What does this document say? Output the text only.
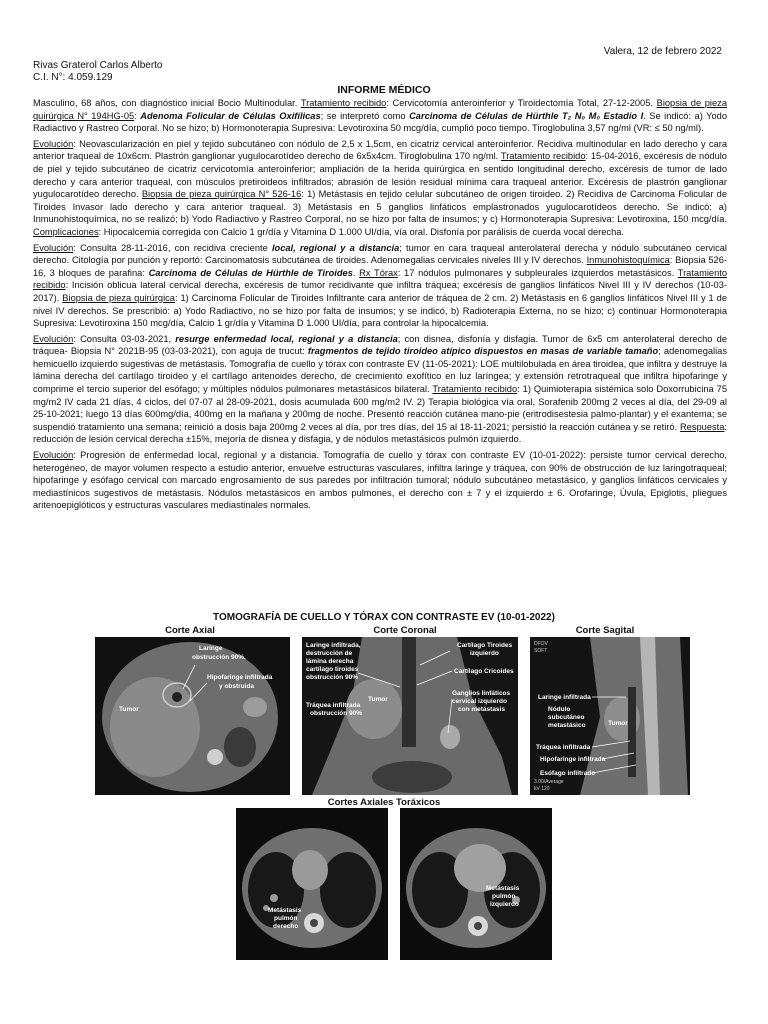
Valera, 12 de febrero 2022
Rivas Graterol Carlos Alberto
C.I. N°: 4.059.129
INFORME MÉDICO

Masculino, 68 años, con diagnóstico inicial Bocio Multinodular. Tratamiento recibido: Cervicotomía anteroinferior y Tiroidectomía Total, 27-12-2005. Biopsia de pieza quirúrgica N° 194HG-05: Adenoma Folicular de Células Oxifílicas; se interpretó como Carcinoma de Células de Hürthle T₂ N₀ M₀ Estadio I. Se indicó: a) Yodo Radiactivo y Rastreo Corporal. No se hizo; b) Hormonoterapia Supresiva: Levotiroxina 50 mcg/día, cumplió poco tiempo. Tiroglobulina 3,57 ng/ml (VR: ≤ 50 ng/ml).

Evolución: Neovascularización en piel y tejido subcutáneo con nódulo de 2,5 x 1,5cm, en cicatriz cervical anteroinferior. Recidiva multinodular en lado derecho y cara anterior traqueal de 10x6cm. Plastrón ganglionar yugulocarotídeo derecho de 6x5x4cm. Tiroglobulina 170 ng/ml. Tratamiento recibido: 15-04-2016, excéresis de nódulo de piel y tejido subcutáneo de cicatriz cervicotomía anteroinferior; ampliación de la herida quirúrgica en sentido longitudinal derecho, excéresis de tumor de lado derecho y cara anterior traqueal, con músculos pretiroideos infiltrados; abrasión de lesión residual mínima cara traqueal anterior. Excéresis de plastrón ganglionar yugulocarotídeo derecho. Biopsia de pieza quirúrgica N° 526-16: 1) Metástasis en tejido celular subcutáneo de origen tiroideo. 2) Recidiva de Carcinoma Folicular de Tiroides Invasor lado derecho y cara anterior traqueal. 3) Metástasis en 5 ganglios linfáticos emplastronados yugulocarotídeos derecho. Se indicó: a) Inmunohistoquímica, no se realizó; b) Yodo Radiactivo y Rastreo Corporal, no se hizo por falta de insumos; y c) Hormonoterapia Supresiva: Levotiroxina, 150 mcg/día. Complicaciones: Hipocalcemia corregida con Calcio 1 gr/día y Vitamina D 1.000 UI/día, vía oral. Disfonía por parálisis de cuerda vocal derecha.

Evolución: Consulta 28-11-2016, con recidiva creciente local, regional y a distancia; tumor en cara traqueal anterolateral derecha y nódulo subcutáneo cervical derecho. Citología por punción y reportó: Carcinomatosis subcutánea de tiroides. Adenomegalias cervicales niveles III y IV derechos. Inmunohistoquímica: Biopsia 526-16, 3 bloques de parafina: Carcinoma de Células de Hürthle de Tiroides. Rx Tórax: 17 nódulos pulmonares y subpleurales izquierdos metastásicos. Tratamiento recibido: Incisión oblicua lateral cervical derecha, excéresis de tumor recidivante que infiltra tráquea; excéresis de ganglios linfáticos Nivel III y IV derechos (10-03-2017). Biopsia de pieza quirúrgica: 1) Carcinoma Folicular de Tiroides Infiltrante cara anterior de tráquea de 2 cm. 2) Metástasis en 6 ganglios linfáticos Nivel III y 1 de nivel IV derechos. Se prescribió: a) Yodo Radiactivo, no se hizo por falta de insumos; y se indicó, b) Radioterapia Externa, no se hizo; c) continuar Hormonoterapia Supresiva: Levotiroxina 150 mcg/día, Calcio 1 gr/día y Vitamina D 1.000 UI/día, para controlar la hipocalcemia.

Evolución: Consulta 03-03-2021, resurge enfermedad local, regional y a distancia; con disnea, disfonía y disfagia. Tumor de 6x5 cm anterolateral derecho de tráquea- Biopsia N° 2021B-95 (03-03-2021), con aguja de trucut: fragmentos de tejido tiroideo atípico dispuestos en masas de variable tamaño; adenomegalias hemicuello izquierdo sugestivas de metástasis. Tomografía de cuello y tórax con contraste EV (11-05-2021): LOE multilobulada en área tiroidea, que infiltra y destruye la lámina derecha del cartílago tiroideo y el cartílago aritenoides derecho, de crecimiento exofítico en luz laríngea; y extensión retrotraqueal que infiltra hipofaringe y comprime el tercio superior del esófago; y múltiples nódulos pulmonares metastásicos bilateral. Tratamiento recibido: 1) Quimioterapia sistémica solo Doxorrubicina 75 mg/m2 IV cada 21 días, 4 ciclos, del 07-07 al 28-09-2021, dosis acumulada 600 mg/m2 IV. 2) Terapia biológica vía oral, Sorafenib 200mg 2 veces al día, del 29-09 al 25-10-2021; luego 13 días 600mg/día, 400mg en la mañana y 200mg de noche. Presentó reacción cutánea mano-pie (eritrodisestesia palmo-plantar) y el exantema; se suspendió tratamiento una semana; reinició a dosis baja 200mg 2 veces al día, por tres días, del 15 al 18-11-2021; persistió la reacción cutánea y se retiró. Respuesta: reducción de lesión cervical derecha ±15%, mejoría de disnea y disfagia, y de nódulos metastásicos pulmón izquierdo.

Evolución: Progresión de enfermedad local, regional y a distancia. Tomografía de cuello y tórax con contraste EV (10-01-2022): persiste tumor cervical derecho, heterogéneo, de mayor volumen respecto a estudio anterior, envuelve estructuras vasculares, infiltra laringe y tráquea, con 90% de obstrucción de luz laringotraqueal; hipofaringe y esófago cervical con marcado engrosamiento de sus paredes por infiltración tumoral; nódulo subcutáneo metastásico, y ganglios linfáticos cervicales y mediastínicos sugestivos de metástasis. Nódulos metastásicos en ambos pulmones, el derecho con ± 7 y el izquierdo ± 6. Orofaringe, Úvula, Epiglotis, pliegues aritenoepiglóticos y estructuras vasculares mediastinales normales.

TOMOGRAFÍA DE CUELLO Y TÓRAX CON CONTRASTE EV (10-01-2022)
Corte Axial	Corte Coronal	Corte Sagital
Laringe
obstrucción 90%.
Hipofaringe infiltrada
y obstruida
Tumor
Laringe infiltrada,
destrucción de
lámina derecha
cartílago tiroides
obstrucción 90%
Tráquea infiltrada
obstrucción 90%
Tumor
Cartílago Tiroides
izquierdo
Cartílago Cricoides
Ganglios linfáticos
cervical izquierdo
con metástasis
DFOV
SOFT
Laringe infiltrada
Nódulo
subcutáneo
metastásico	Tumor
Tráquea infiltrada
Hipofaringe infiltrada
Esófago infiltrado
3.00/Average
kV 120
Cortes Axiales Toráxicos
Metástasis
pulmón
derecho
Metástasis
pulmón
izquierdo
